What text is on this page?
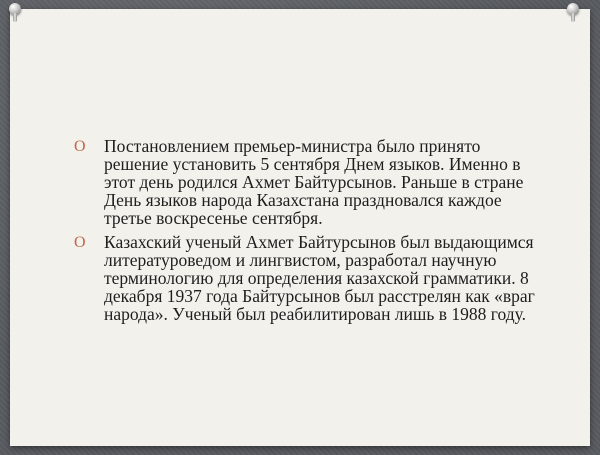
O Постановлением премьер-министра было принято решение установить 5 сентября Днем языков. Именно в этот день родился Ахмет Байтурсынов. Раньше в стране День языков народа Казахстана праздновался каждое третье воскресенье сентября.
O Казахский ученый Ахмет Байтурсынов был выдающимся литературоведом и лингвистом, разработал научную терминологию для определения казахской грамматики. 8 декабря 1937 года Байтурсынов был расстрелян как «враг народа». Ученый был реабилитирован лишь в 1988 году.
